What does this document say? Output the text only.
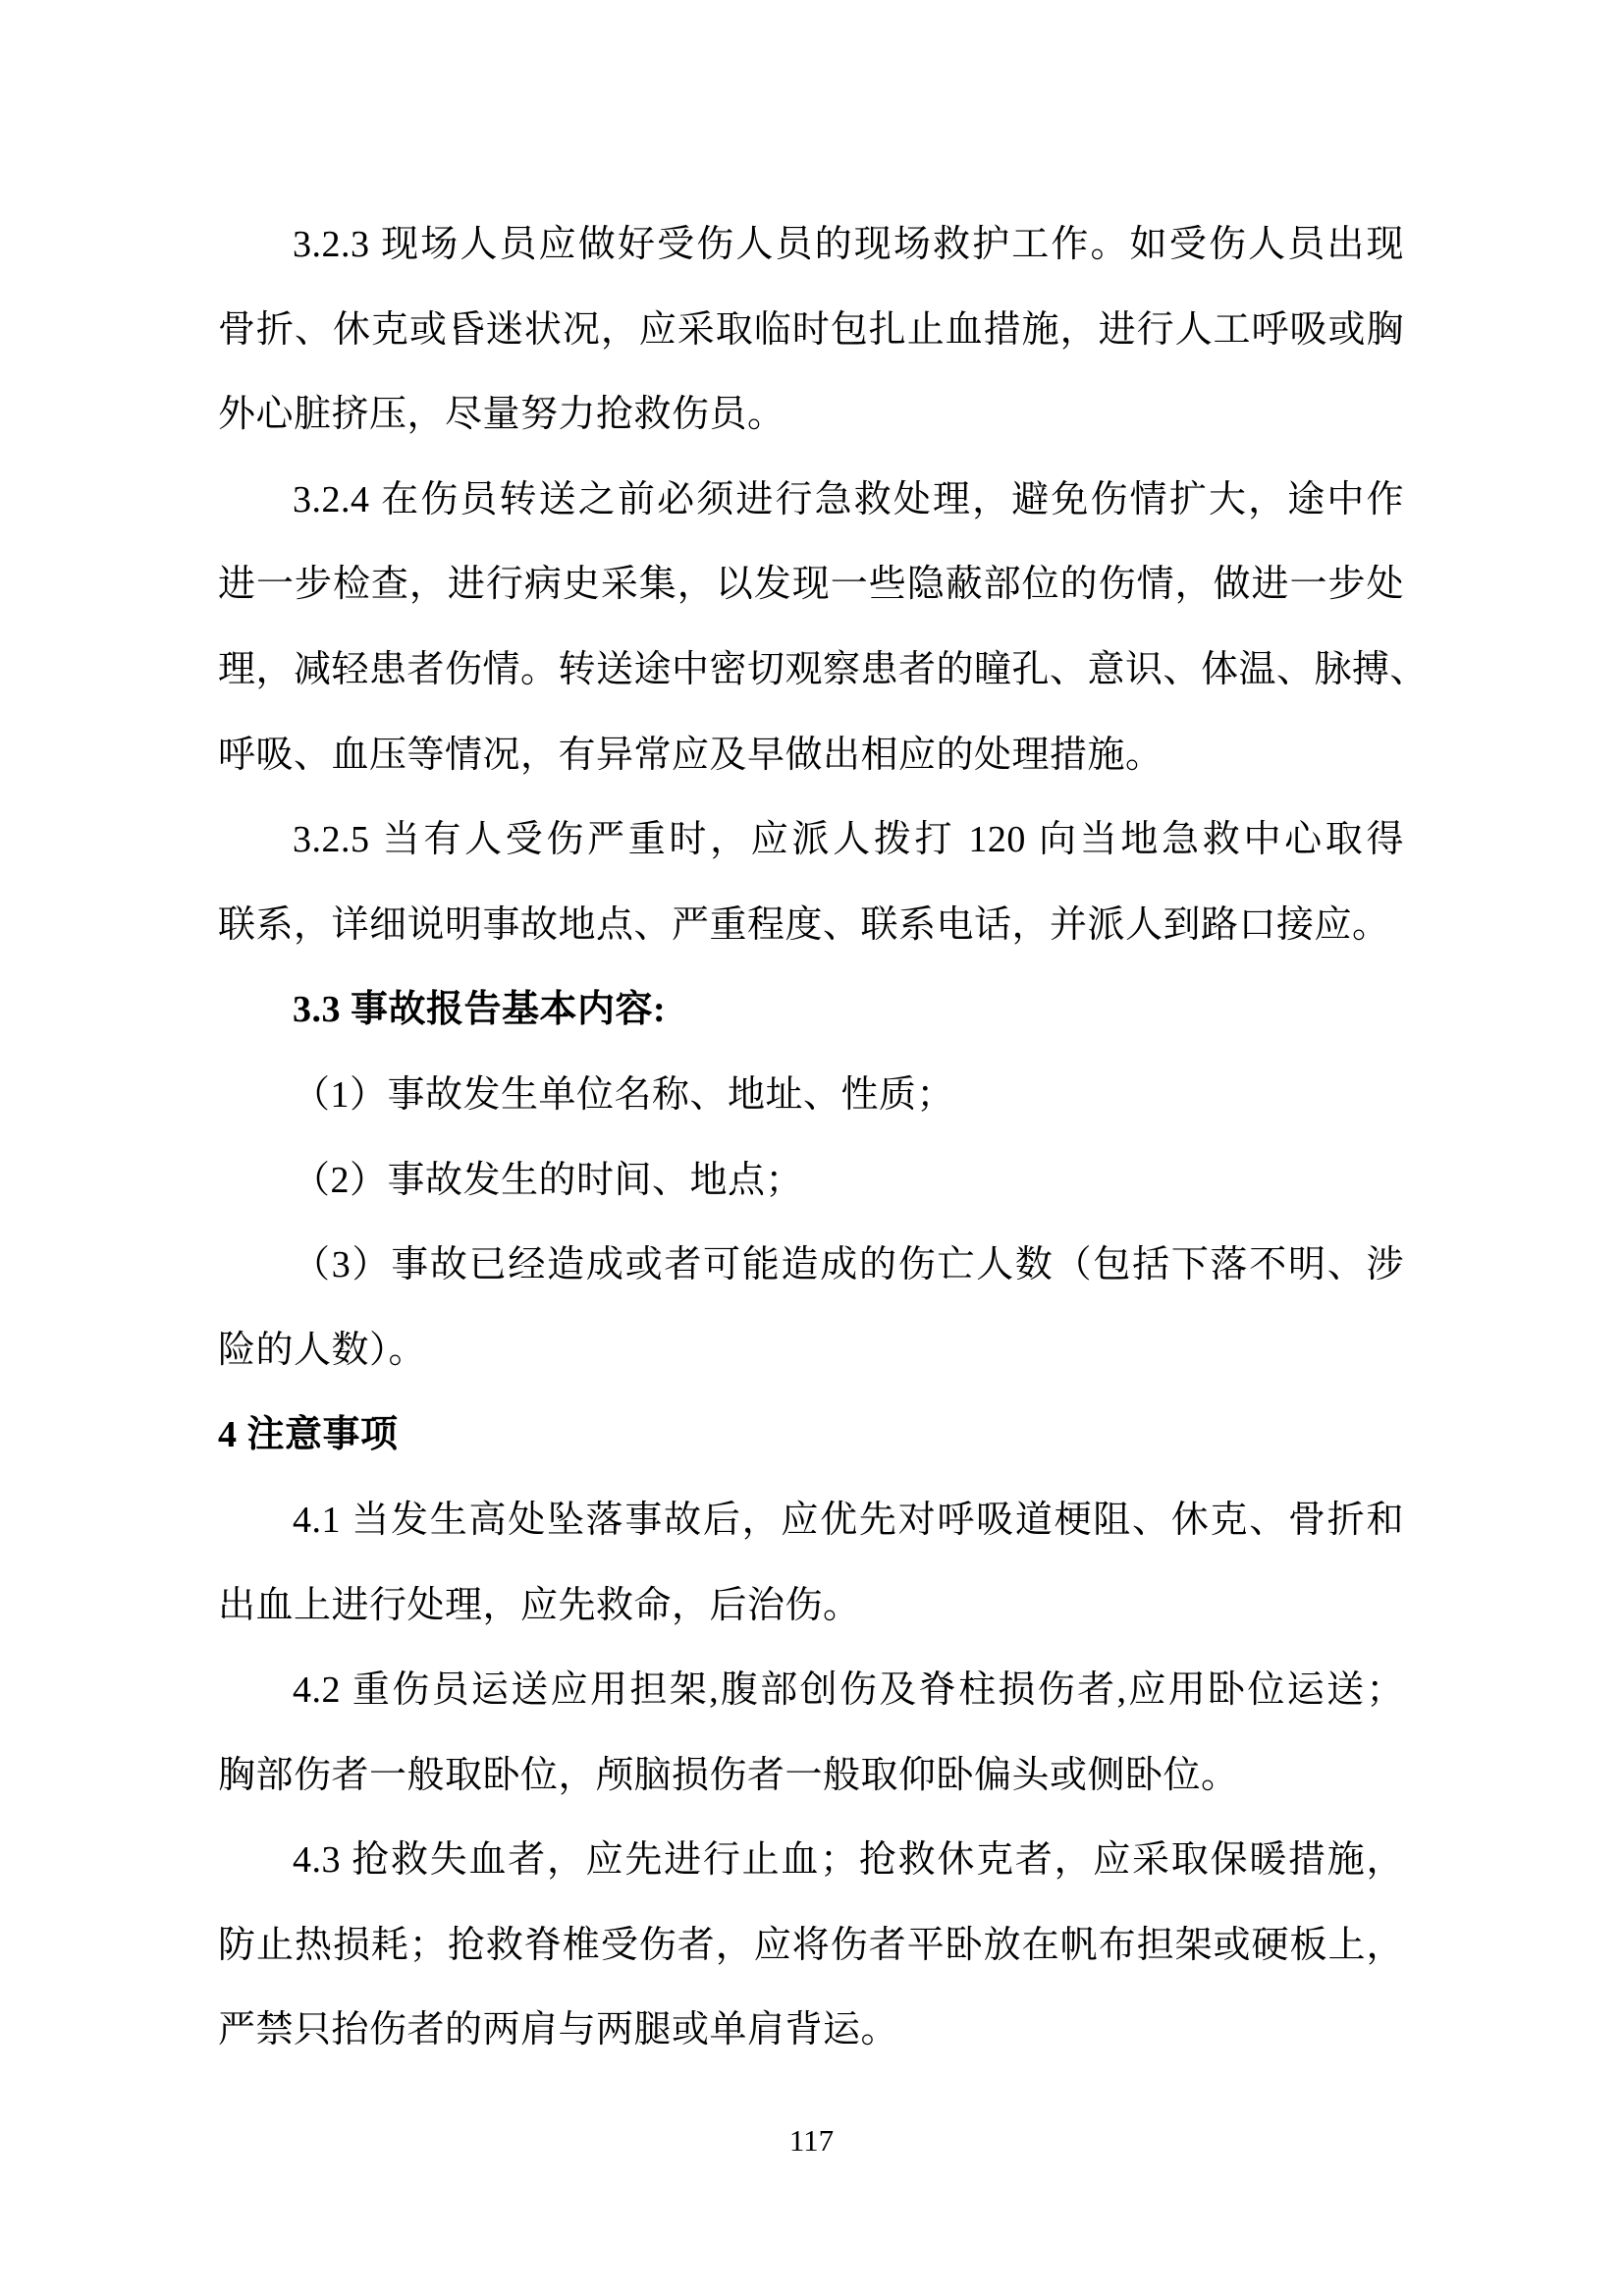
3.2.3 现场人员应做好受伤人员的现场救护工作。如受伤人员出现
骨折、休克或昏迷状况，应采取临时包扎止血措施，进行人工呼吸或胸
外心脏挤压，尽量努力抢救伤员。
3.2.4 在伤员转送之前必须进行急救处理，避免伤情扩大，途中作
进一步检查，进行病史采集，以发现一些隐蔽部位的伤情，做进一步处
理，减轻患者伤情。转送途中密切观察患者的瞳孔、意识、体温、脉搏、
呼吸、血压等情况，有异常应及早做出相应的处理措施。
3.2.5 当有人受伤严重时，应派人拨打 120 向当地急救中心取得
联系，详细说明事故地点、严重程度、联系电话，并派人到路口接应。
3.3 事故报告基本内容:
（1）事故发生单位名称、地址、性质；
（2）事故发生的时间、地点；
（3）事故已经造成或者可能造成的伤亡人数（包括下落不明、涉
险的人数）。
4 注意事项
4.1 当发生高处坠落事故后，应优先对呼吸道梗阻、休克、骨折和
出血上进行处理，应先救命，后治伤。
4.2 重伤员运送应用担架,腹部创伤及脊柱损伤者,应用卧位运送；
胸部伤者一般取卧位，颅脑损伤者一般取仰卧偏头或侧卧位。
4.3 抢救失血者，应先进行止血；抢救休克者，应采取保暖措施，
防止热损耗；抢救脊椎受伤者，应将伤者平卧放在帆布担架或硬板上，
严禁只抬伤者的两肩与两腿或单肩背运。
117
